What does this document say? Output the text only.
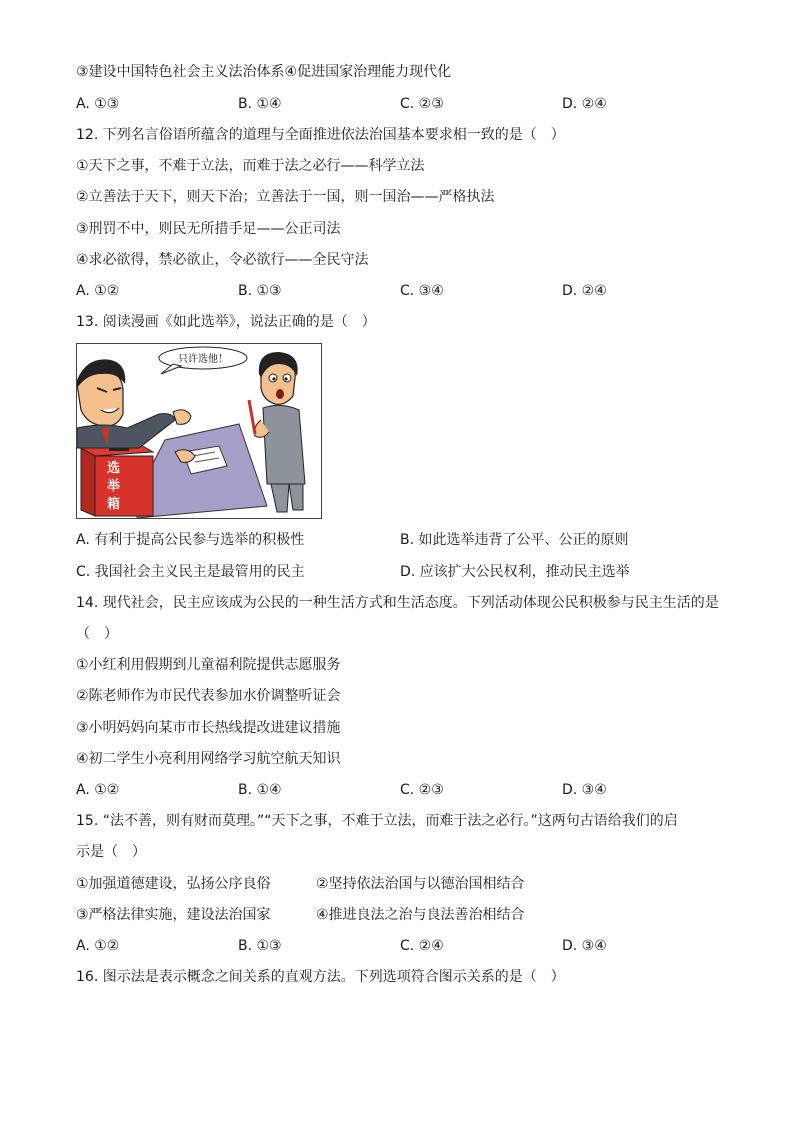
③建设中国特色社会主义法治体系④促进国家治理能力现代化
A. ①③	B. ①④	C. ②③	D. ②④
12. 下列名言俗语所蕴含的道理与全面推进依法治国基本要求相一致的是（　）
①天下之事，不难于立法，而难于法之必行——科学立法
②立善法于天下，则天下治；立善法于一国，则一国治——严格执法
③刑罚不中，则民无所措手足——公正司法
④求必欲得，禁必欲止，令必欲行——全民守法
A. ①②	B. ①③	C. ③④	D. ②④
13. 阅读漫画《如此选举》，说法正确的是（　）
选
举
箱
只许选他！
A. 有利于提高公民参与选举的积极性	B. 如此选举违背了公平、公正的原则
C. 我国社会主义民主是最管用的民主	D. 应该扩大公民权利，推动民主选举
14. 现代社会，民主应该成为公民的一种生活方式和生活态度。下列活动体现公民积极参与民主生活的是
（　）
①小红利用假期到儿童福利院提供志愿服务
②陈老师作为市民代表参加水价调整听证会
③小明妈妈向某市市长热线提改进建议措施
④初二学生小亮利用网络学习航空航天知识
A. ①②	B. ①④	C. ②③	D. ③④
15. “法不善，则有财而莫理。”“天下之事，不难于立法，而难于法之必行。”这两句古语给我们的启
示是（　）
①加强道德建设，弘扬公序良俗	②坚持依法治国与以德治国相结合
③严格法律实施，建设法治国家	④推进良法之治与良法善治相结合
A. ①②	B. ①③	C. ②④	D. ③④
16. 图示法是表示概念之间关系的直观方法。下列选项符合图示关系的是（　）
